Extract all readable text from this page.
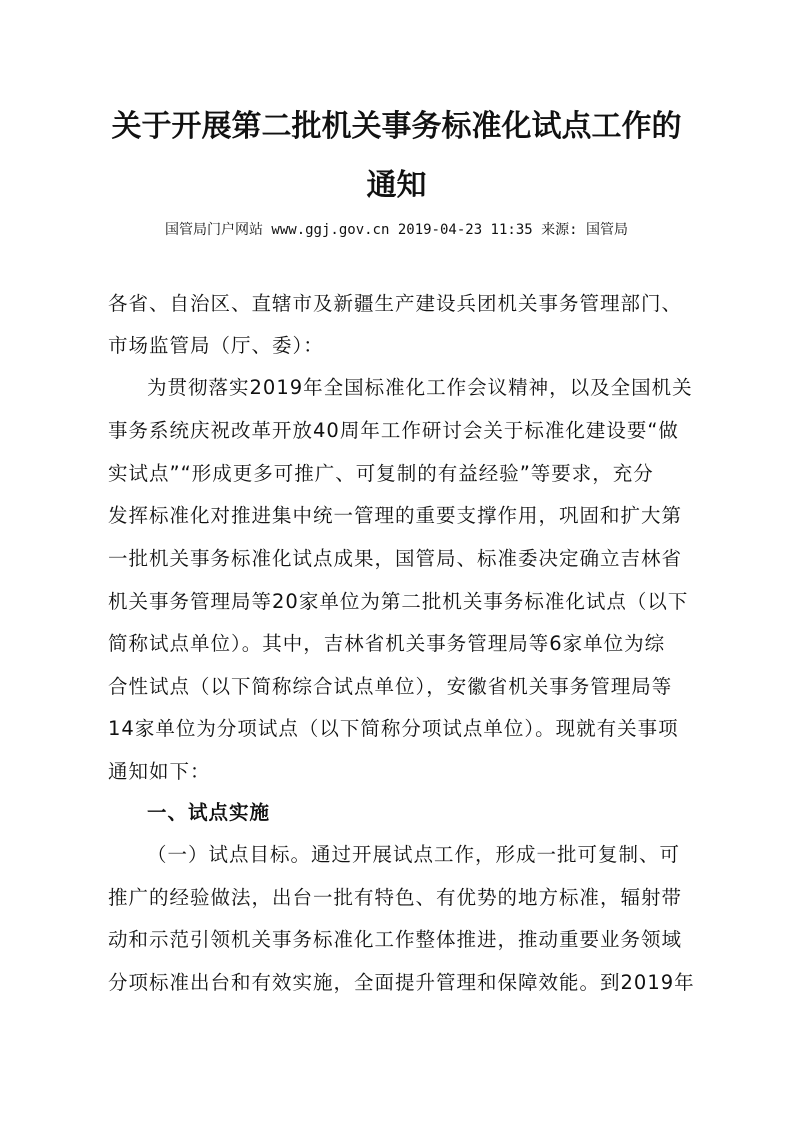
关于开展第二批机关事务标准化试点工作的
通知
国管局门户网站 www.ggj.gov.cn 2019-04-23 11:35 来源: 国管局
各省、自治区、直辖市及新疆生产建设兵团机关事务管理部门、
市场监管局（厅、委）：
为贯彻落实2019年全国标准化工作会议精神，以及全国机关
事务系统庆祝改革开放40周年工作研讨会关于标准化建设要“做
实试点”“形成更多可推广、可复制的有益经验”等要求，充分
发挥标准化对推进集中统一管理的重要支撑作用，巩固和扩大第
一批机关事务标准化试点成果，国管局、标准委决定确立吉林省
机关事务管理局等20家单位为第二批机关事务标准化试点（以下
简称试点单位）。其中，吉林省机关事务管理局等6家单位为综
合性试点（以下简称综合试点单位），安徽省机关事务管理局等
14家单位为分项试点（以下简称分项试点单位）。现就有关事项
通知如下：
一、试点实施
（一）试点目标。通过开展试点工作，形成一批可复制、可
推广的经验做法，出台一批有特色、有优势的地方标准，辐射带
动和示范引领机关事务标准化工作整体推进，推动重要业务领域
分项标准出台和有效实施，全面提升管理和保障效能。到2019年
